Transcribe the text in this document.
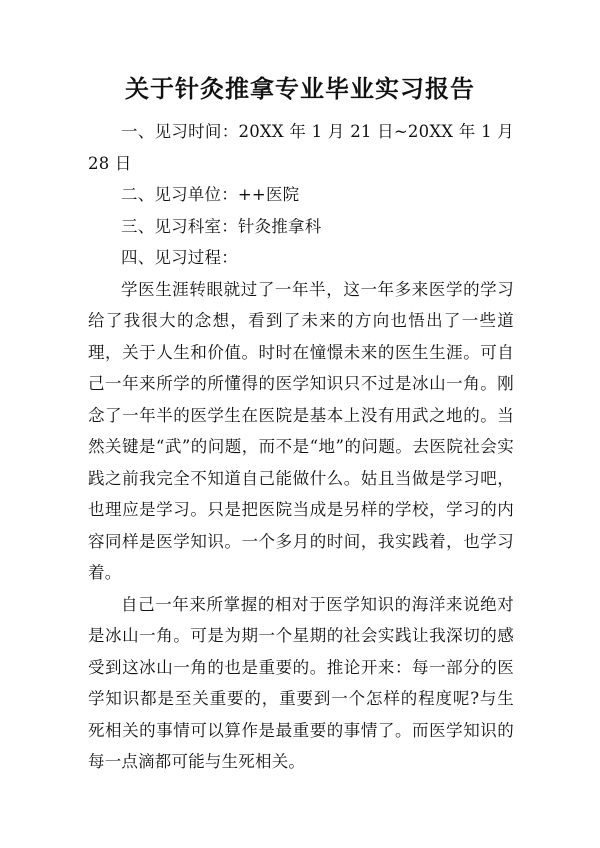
关于针灸推拿专业毕业实习报告

一、见习时间：20XX 年 1 月 21 日~20XX 年 1 月 28 日

二、见习单位：++医院

三、见习科室：针灸推拿科

四、见习过程：

学医生涯转眼就过了一年半，这一年多来医学的学习给了我很大的念想，看到了未来的方向也悟出了一些道理，关于人生和价值。时时在憧憬未来的医生生涯。可自己一年来所学的所懂得的医学知识只不过是冰山一角。刚念了一年半的医学生在医院是基本上没有用武之地的。当然关键是“武”的问题，而不是“地”的问题。去医院社会实践之前我完全不知道自己能做什么。姑且当做是学习吧，也理应是学习。只是把医院当成是另样的学校，学习的内容同样是医学知识。一个多月的时间，我实践着，也学习着。

自己一年来所掌握的相对于医学知识的海洋来说绝对是冰山一角。可是为期一个星期的社会实践让我深切的感受到这冰山一角的也是重要的。推论开来：每一部分的医学知识都是至关重要的，重要到一个怎样的程度呢?与生死相关的事情可以算作是最重要的事情了。而医学知识的每一点滴都可能与生死相关。
